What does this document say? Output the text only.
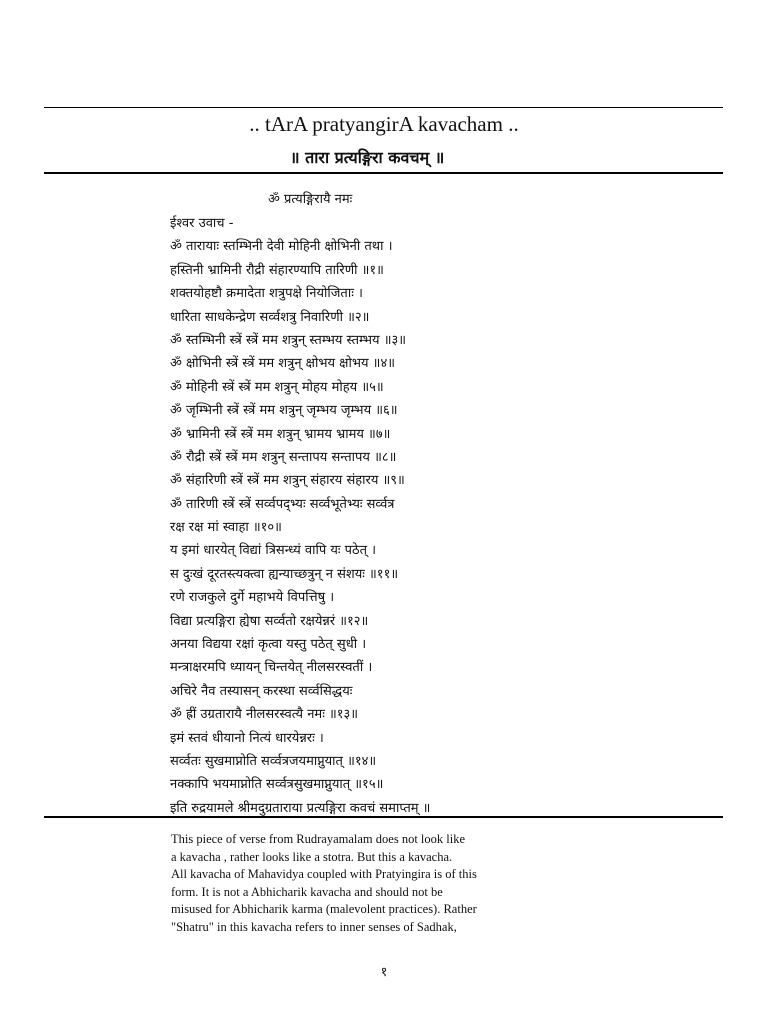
.. tArA pratyangirA kavacham ..
॥ तारा प्रत्यङ्गिरा कवचम् ॥
ॐ प्रत्यङ्गिरायै नमः
ईश्वर उवाच -
ॐ तारायाः स्तम्भिनी देवी मोहिनी क्षोभिनी तथा ।
हस्तिनी भ्रामिनी रौद्री संहारण्यापि तारिणी ॥१॥
शक्तयोहष्टौ क्रमादेता शत्रुपक्षे नियोजिताः ।
धारिता साधकेन्द्रेण सर्व्वशत्रु निवारिणी ॥२॥
ॐ स्तम्भिनी स्त्रें स्त्रें मम शत्रुन् स्तम्भय स्तम्भय ॥३॥
ॐ क्षोभिनी स्त्रें स्त्रें मम शत्रुन् क्षोभय क्षोभय ॥४॥
ॐ मोहिनी स्त्रें स्त्रें मम शत्रुन् मोहय मोहय ॥५॥
ॐ जृम्भिनी स्त्रें स्त्रें मम शत्रुन् जृम्भय जृम्भय ॥६॥
ॐ भ्रामिनी स्त्रें स्त्रें मम शत्रुन् भ्रामय भ्रामय ॥७॥
ॐ रौद्री स्त्रें स्त्रें मम शत्रुन् सन्तापय सन्तापय ॥८॥
ॐ संहारिणी स्त्रें स्त्रें मम शत्रुन् संहारय संहारय ॥९॥
ॐ तारिणी स्त्रें स्त्रें सर्व्वपद्भ्यः सर्व्वभूतेभ्यः सर्व्वत्र
रक्ष रक्ष मां स्वाहा ॥१०॥
य इमां धारयेत् विद्यां त्रिसन्ध्यं वापि यः पठेत् ।
स दुःखं दूरतस्त्यक्त्वा ह्यन्याच्छत्रुन् न संशयः ॥११॥
रणे राजकुले दुर्गे महाभये विपत्तिषु ।
विद्या प्रत्यङ्गिरा ह्येषा सर्व्वतो रक्षयेन्नरं ॥१२॥
अनया विद्यया रक्षां कृत्वा यस्तु पठेत् सुधी ।
मन्त्राक्षरमपि ध्यायन् चिन्तयेत् नीलसरस्वतीं ।
अचिरे नैव तस्यासन् करस्था सर्व्वसिद्धयः
ॐ ह्रीं उग्रतारायै नीलसरस्वत्यै नमः ॥१३॥
इमं स्तवं धीयानो नित्यं धारयेन्नरः ।
सर्व्वतः सुखमाप्नोति सर्व्वत्रजयमाप्नुयात् ॥१४॥
नक्कापि भयमाप्नोति सर्व्वत्रसुखमाप्नुयात् ॥१५॥
इति रुद्रयामले श्रीमदुग्रताराया प्रत्यङ्गिरा कवचं समाप्तम् ॥
This piece of verse from Rudrayamalam does not look like
a kavacha , rather looks like a stotra. But this a kavacha.
All kavacha of Mahavidya coupled with Pratyingira is of this
form. It is not a Abhicharik kavacha and should not be
misused for Abhicharik karma (malevolent practices). Rather
"Shatru" in this kavacha refers to inner senses of Sadhak,
१
